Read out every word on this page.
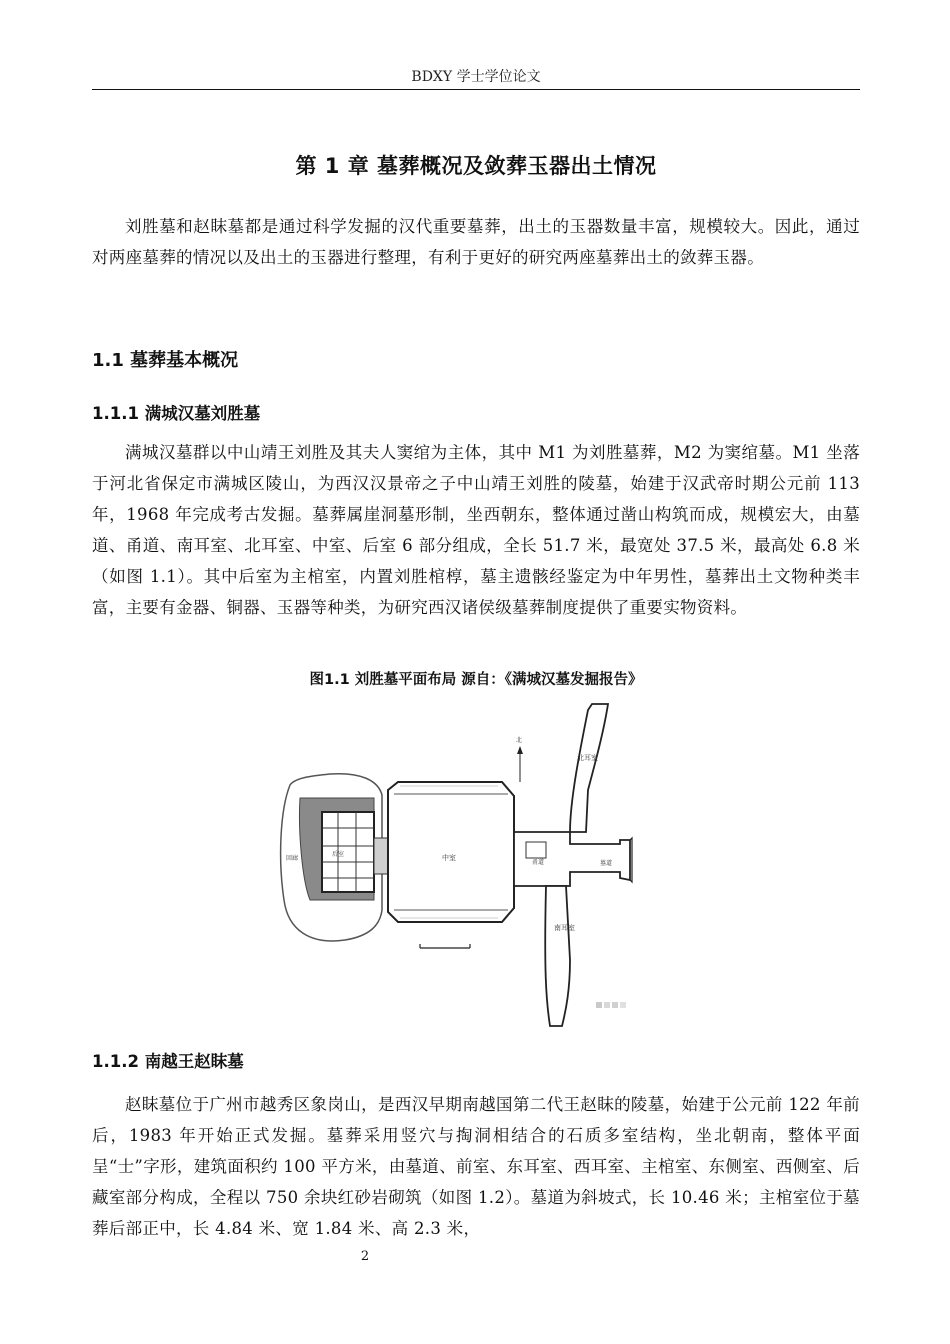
BDXY 学士学位论文
第 1 章 墓葬概况及敛葬玉器出土情况

刘胜墓和赵眜墓都是通过科学发掘的汉代重要墓葬，出土的玉器数量丰富，规模较大。因此，通过对两座墓葬的情况以及出土的玉器进行整理，有利于更好的研究两座墓葬出土的敛葬玉器。

1.1 墓葬基本概况
1.1.1 满城汉墓刘胜墓

满城汉墓群以中山靖王刘胜及其夫人窦绾为主体，其中 M1 为刘胜墓葬，M2 为窦绾墓。M1 坐落于河北省保定市满城区陵山，为西汉汉景帝之子中山靖王刘胜的陵墓，始建于汉武帝时期公元前 113 年，1968 年完成考古发掘。墓葬属崖洞墓形制，坐西朝东，整体通过凿山构筑而成，规模宏大，由墓道、甬道、南耳室、北耳室、中室、后室 6 部分组成，全长 51.7 米，最宽处 37.5 米，最高处 6.8 米（如图 1.1）。其中后室为主棺室，内置刘胜棺椁，墓主遗骸经鉴定为中年男性，墓葬出土文物种类丰富，主要有金器、铜器、玉器等种类，为研究西汉诸侯级墓葬制度提供了重要实物资料。

图1.1 刘胜墓平面布局 源自：《满城汉墓发掘报告》
北耳室
南耳室
中室
甬道	墓道
后室
回廊
北
1.1.2 南越王赵眜墓

赵眜墓位于广州市越秀区象岗山，是西汉早期南越国第二代王赵眜的陵墓，始建于公元前 122 年前后，1983 年开始正式发掘。墓葬采用竖穴与掏洞相结合的石质多室结构，坐北朝南，整体平面呈“士”字形，建筑面积约 100 平方米，由墓道、前室、东耳室、西耳室、主棺室、东侧室、西侧室、后藏室部分构成，全程以 750 余块红砂岩砌筑（如图 1.2）。墓道为斜坡式，长 10.46 米；主棺室位于墓葬后部正中，长 4.84 米、宽 1.84 米、高 2.3 米，

2
